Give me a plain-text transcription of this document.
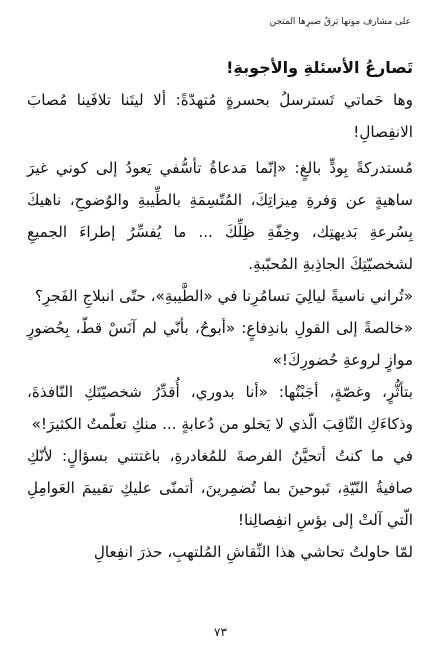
على مشارف موتها بَرقُ صبرِها المتجن

تَصارعُ الأسئلةِ والأجوبةِ!

وها حَماتي تَسترسلُ بحسرةٍ مُتهدّةً: ألا ليتَنا تلافَينا مُصابَ الانفِصالِ!

مُستدركةً بِودٍّ بالغٍ: «إنّما مَدعاةُ تأسُّفي يَعودُ إلى كوني غيرَ ساهيةٍ عن وَفرةِ مِيزاتِكَ، المُتّسِمَةِ بالطِّيبةِ والوُضوحِ، ناهيكَ بِسُرعةِ بَديهتِك، وخِفّةِ ظِلِّكَ ... ما يُفسِّرُ إطراءَ الجميعِ لشخصيّتِكَ الجاذِبةِ المُحبّبةِ.

«تُراني ناسيةً ليالِيَ تسامُرِنا في «الطَّيبةِ»، حتّى انبلاجِ الفَجرِ؟

«خالصةً إلى القولِ باندِفاعٍ: «أبوحُ، بأنّي لم آنَسْ قطّ، بِحُضورٍ موازٍ لروعةِ حُضورِكَ!»

بتأثُّرٍ، وغصّةٍ، أجَبْتُها: «أنا بدوري، أُقدِّرُ شخصيّتَكِ النّافذةَ، وذكاءَكِ الثّاقِبَ الّذي لا يَخلو من دُعابةٍ ... منكِ تعلّمتُ الكثيرَ!»

في ما كنتُ أتحيَّنُ الفرصةَ للمُغادرةِ، باغتتني بسؤالٍ: لأنّكِ صافيةُ النّيّةِ، تَبوحينَ بما تُضمِرينَ، أتمنّى عليكِ تقييمَ العَوامِلِ الّتي آلتْ إلى بؤسِ انفِصالِنا!

لمّا حاولتُ تحاشي هذا النِّقاشِ المُلتهبِ، حذرَ انفِعالِ

٧٣
